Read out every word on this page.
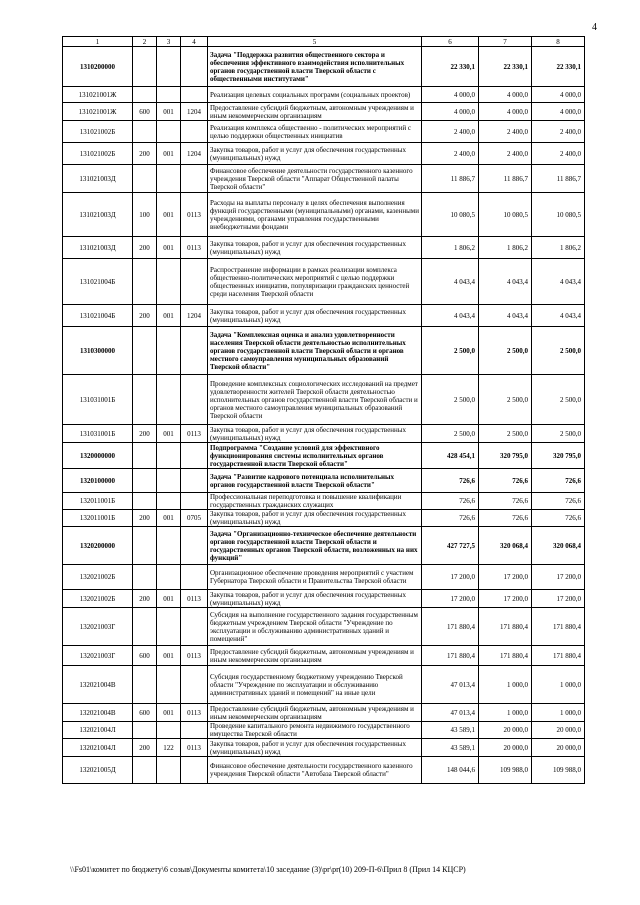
4
1	2	3	4	5	6	7	8
1310200000				Задача "Поддержка развития общественного сектора и обеспечения эффективного взаимодействия исполнительных органов государственной власти Тверской области с общественными институтами"	22 330,1	22 330,1	22 330,1
131021001Ж				Реализация целевых социальных программ (социальных проектов)	4 000,0	4 000,0	4 000,0
131021001Ж	600	001	1204	Предоставление субсидий бюджетным, автономным учреждениям и иным некоммерческим организациям	4 000,0	4 000,0	4 000,0
131021002Б				Реализация комплекса общественно - политических мероприятий с целью поддержки общественных инициатив	2 400,0	2 400,0	2 400,0
131021002Б	200	001	1204	Закупка товаров, работ и услуг для обеспечения государственных (муниципальных) нужд	2 400,0	2 400,0	2 400,0
131021003Д				Финансовое обеспечение деятельности государственного казенного учреждения Тверской области "Аппарат Общественной палаты Тверской области"	11 886,7	11 886,7	11 886,7
131021003Д	100	001	0113	Расходы на выплаты персоналу в целях обеспечения выполнения функций государственными (муниципальными) органами, казенными учреждениями, органами управления государственными внебюджетными фондами	10 080,5	10 080,5	10 080,5
131021003Д	200	001	0113	Закупка товаров, работ и услуг для обеспечения государственных (муниципальных) нужд	1 806,2	1 806,2	1 806,2
131021004Б				Распространение информации в рамках реализации комплекса общественно-политических мероприятий с целью поддержки общественных инициатив, популяризации гражданских ценностей среди населения Тверской области	4 043,4	4 043,4	4 043,4
131021004Б	200	001	1204	Закупка товаров, работ и услуг для обеспечения государственных (муниципальных) нужд	4 043,4	4 043,4	4 043,4
1310300000				Задача "Комплексная оценка и анализ удовлетворенности населения Тверской области деятельностью исполнительных органов государственной власти Тверской области и органов местного самоуправления муниципальных образований Тверской области"	2 500,0	2 500,0	2 500,0
131031001Б				Проведение комплексных социологических исследований на предмет удовлетворенности жителей Тверской области деятельностью исполнительных органов государственной власти Тверской области и органов местного самоуправления муниципальных образований Тверской области	2 500,0	2 500,0	2 500,0
131031001Б	200	001	0113	Закупка товаров, работ и услуг для обеспечения государственных (муниципальных) нужд	2 500,0	2 500,0	2 500,0
1320000000				Подпрограмма "Создание условий для эффективного функционирования системы исполнительных органов государственной власти Тверской области"	428 454,1	320 795,0	320 795,0
1320100000				Задача "Развитие кадрового потенциала исполнительных органов государственной власти Тверской области"	726,6	726,6	726,6
132011001Б				Профессиональная переподготовка и повышение квалификации государственных гражданских служащих	726,6	726,6	726,6
132011001Б	200	001	0705	Закупка товаров, работ и услуг для обеспечения государственных (муниципальных) нужд	726,6	726,6	726,6
1320200000				Задача "Организационно-техническое обеспечение деятельности органов государственной власти Тверской области и государственных органов Тверской области, возложенных на них функций"	427 727,5	320 068,4	320 068,4
132021002Б				Организационное обеспечение проведения мероприятий с участием Губернатора Тверской области и Правительства Тверской области	17 200,0	17 200,0	17 200,0
132021002Б	200	001	0113	Закупка товаров, работ и услуг для обеспечения государственных (муниципальных) нужд	17 200,0	17 200,0	17 200,0
132021003Г				Субсидия на выполнение государственного задания государственным бюджетным учреждением Тверской области "Учреждение по эксплуатации и обслуживанию административных зданий и помещений"	171 880,4	171 880,4	171 880,4
132021003Г	600	001	0113	Предоставление субсидий бюджетным, автономным учреждениям и иным некоммерческим организациям	171 880,4	171 880,4	171 880,4
132021004В				Субсидия государственному бюджетному учреждению Тверской области "Учреждение по эксплуатации и обслуживанию административных зданий и помещений" на иные цели	47 013,4	1 000,0	1 000,0
132021004В	600	001	0113	Предоставление субсидий бюджетным, автономным учреждениям и иным некоммерческим организациям	47 013,4	1 000,0	1 000,0
132021004Л				Проведение капитального ремонта недвижимого государственного имущества Тверской области	43 589,1	20 000,0	20 000,0
132021004Л	200	122	0113	Закупка товаров, работ и услуг для обеспечения государственных (муниципальных) нужд	43 589,1	20 000,0	20 000,0
132021005Д				Финансовое обеспечение деятельности государственного казенного учреждения Тверской области "Автобаза Тверской области"	148 044,6	109 988,0	109 988,0
\\Fs01\комитет по бюджету\6 созыв\Документы комитета\10 заседание (3)\pr\pr(10) 209-П-6\Прил 8 (Прил 14 КЦСР)
